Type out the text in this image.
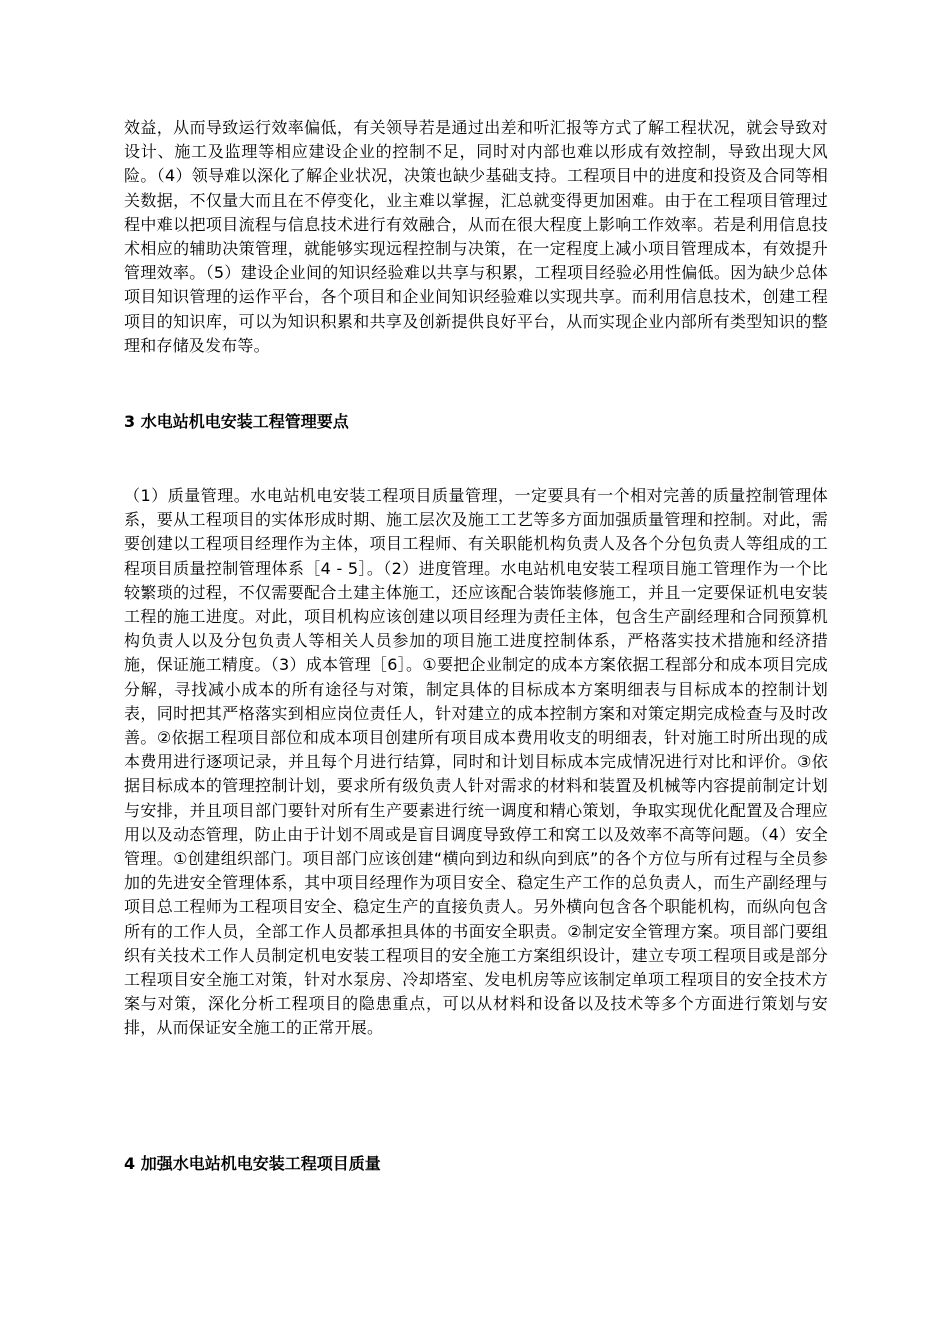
效益，从而导致运行效率偏低，有关领导若是通过出差和听汇报等方式了解工程状况，就会导致对设计、施工及监理等相应建设企业的控制不足，同时对内部也难以形成有效控制，导致出现大风险。（4）领导难以深化了解企业状况，决策也缺少基础支持。工程项目中的进度和投资及合同等相关数据，不仅量大而且在不停变化，业主难以掌握，汇总就变得更加困难。由于在工程项目管理过程中难以把项目流程与信息技术进行有效融合，从而在很大程度上影响工作效率。若是利用信息技术相应的辅助决策管理，就能够实现远程控制与决策，在一定程度上减小项目管理成本，有效提升管理效率。（5）建设企业间的知识经验难以共享与积累，工程项目经验必用性偏低。因为缺少总体项目知识管理的运作平台，各个项目和企业间知识经验难以实现共享。而利用信息技术，创建工程项目的知识库，可以为知识积累和共享及创新提供良好平台，从而实现企业内部所有类型知识的整理和存储及发布等。

3 水电站机电安装工程管理要点

（1）质量管理。水电站机电安装工程项目质量管理，一定要具有一个相对完善的质量控制管理体系，要从工程项目的实体形成时期、施工层次及施工工艺等多方面加强质量管理和控制。对此，需要创建以工程项目经理作为主体，项目工程师、有关职能机构负责人及各个分包负责人等组成的工程项目质量控制管理体系［4 - 5］。（2）进度管理。水电站机电安装工程项目施工管理作为一个比较繁琐的过程，不仅需要配合土建主体施工，还应该配合装饰装修施工，并且一定要保证机电安装工程的施工进度。对此，项目机构应该创建以项目经理为责任主体，包含生产副经理和合同预算机构负责人以及分包负责人等相关人员参加的项目施工进度控制体系，严格落实技术措施和经济措施，保证施工精度。（3）成本管理［6］。①要把企业制定的成本方案依据工程部分和成本项目完成分解，寻找减小成本的所有途径与对策，制定具体的目标成本方案明细表与目标成本的控制计划表，同时把其严格落实到相应岗位责任人，针对建立的成本控制方案和对策定期完成检查与及时改善。②依据工程项目部位和成本项目创建所有项目成本费用收支的明细表，针对施工时所出现的成本费用进行逐项记录，并且每个月进行结算，同时和计划目标成本完成情况进行对比和评价。③依据目标成本的管理控制计划，要求所有级负责人针对需求的材料和装置及机械等内容提前制定计划与安排，并且项目部门要针对所有生产要素进行统一调度和精心策划，争取实现优化配置及合理应用以及动态管理，防止由于计划不周或是盲目调度导致停工和窝工以及效率不高等问题。（4）安全管理。①创建组织部门。项目部门应该创建“横向到边和纵向到底”的各个方位与所有过程与全员参加的先进安全管理体系，其中项目经理作为项目安全、稳定生产工作的总负责人，而生产副经理与项目总工程师为工程项目安全、稳定生产的直接负责人。另外横向包含各个职能机构，而纵向包含所有的工作人员，全部工作人员都承担具体的书面安全职责。②制定安全管理方案。项目部门要组织有关技术工作人员制定机电安装工程项目的安全施工方案组织设计，建立专项工程项目或是部分工程项目安全施工对策，针对水泵房、冷却塔室、发电机房等应该制定单项工程项目的安全技术方案与对策，深化分析工程项目的隐患重点，可以从材料和设备以及技术等多个方面进行策划与安排，从而保证安全施工的正常开展。

4 加强水电站机电安装工程项目质量
